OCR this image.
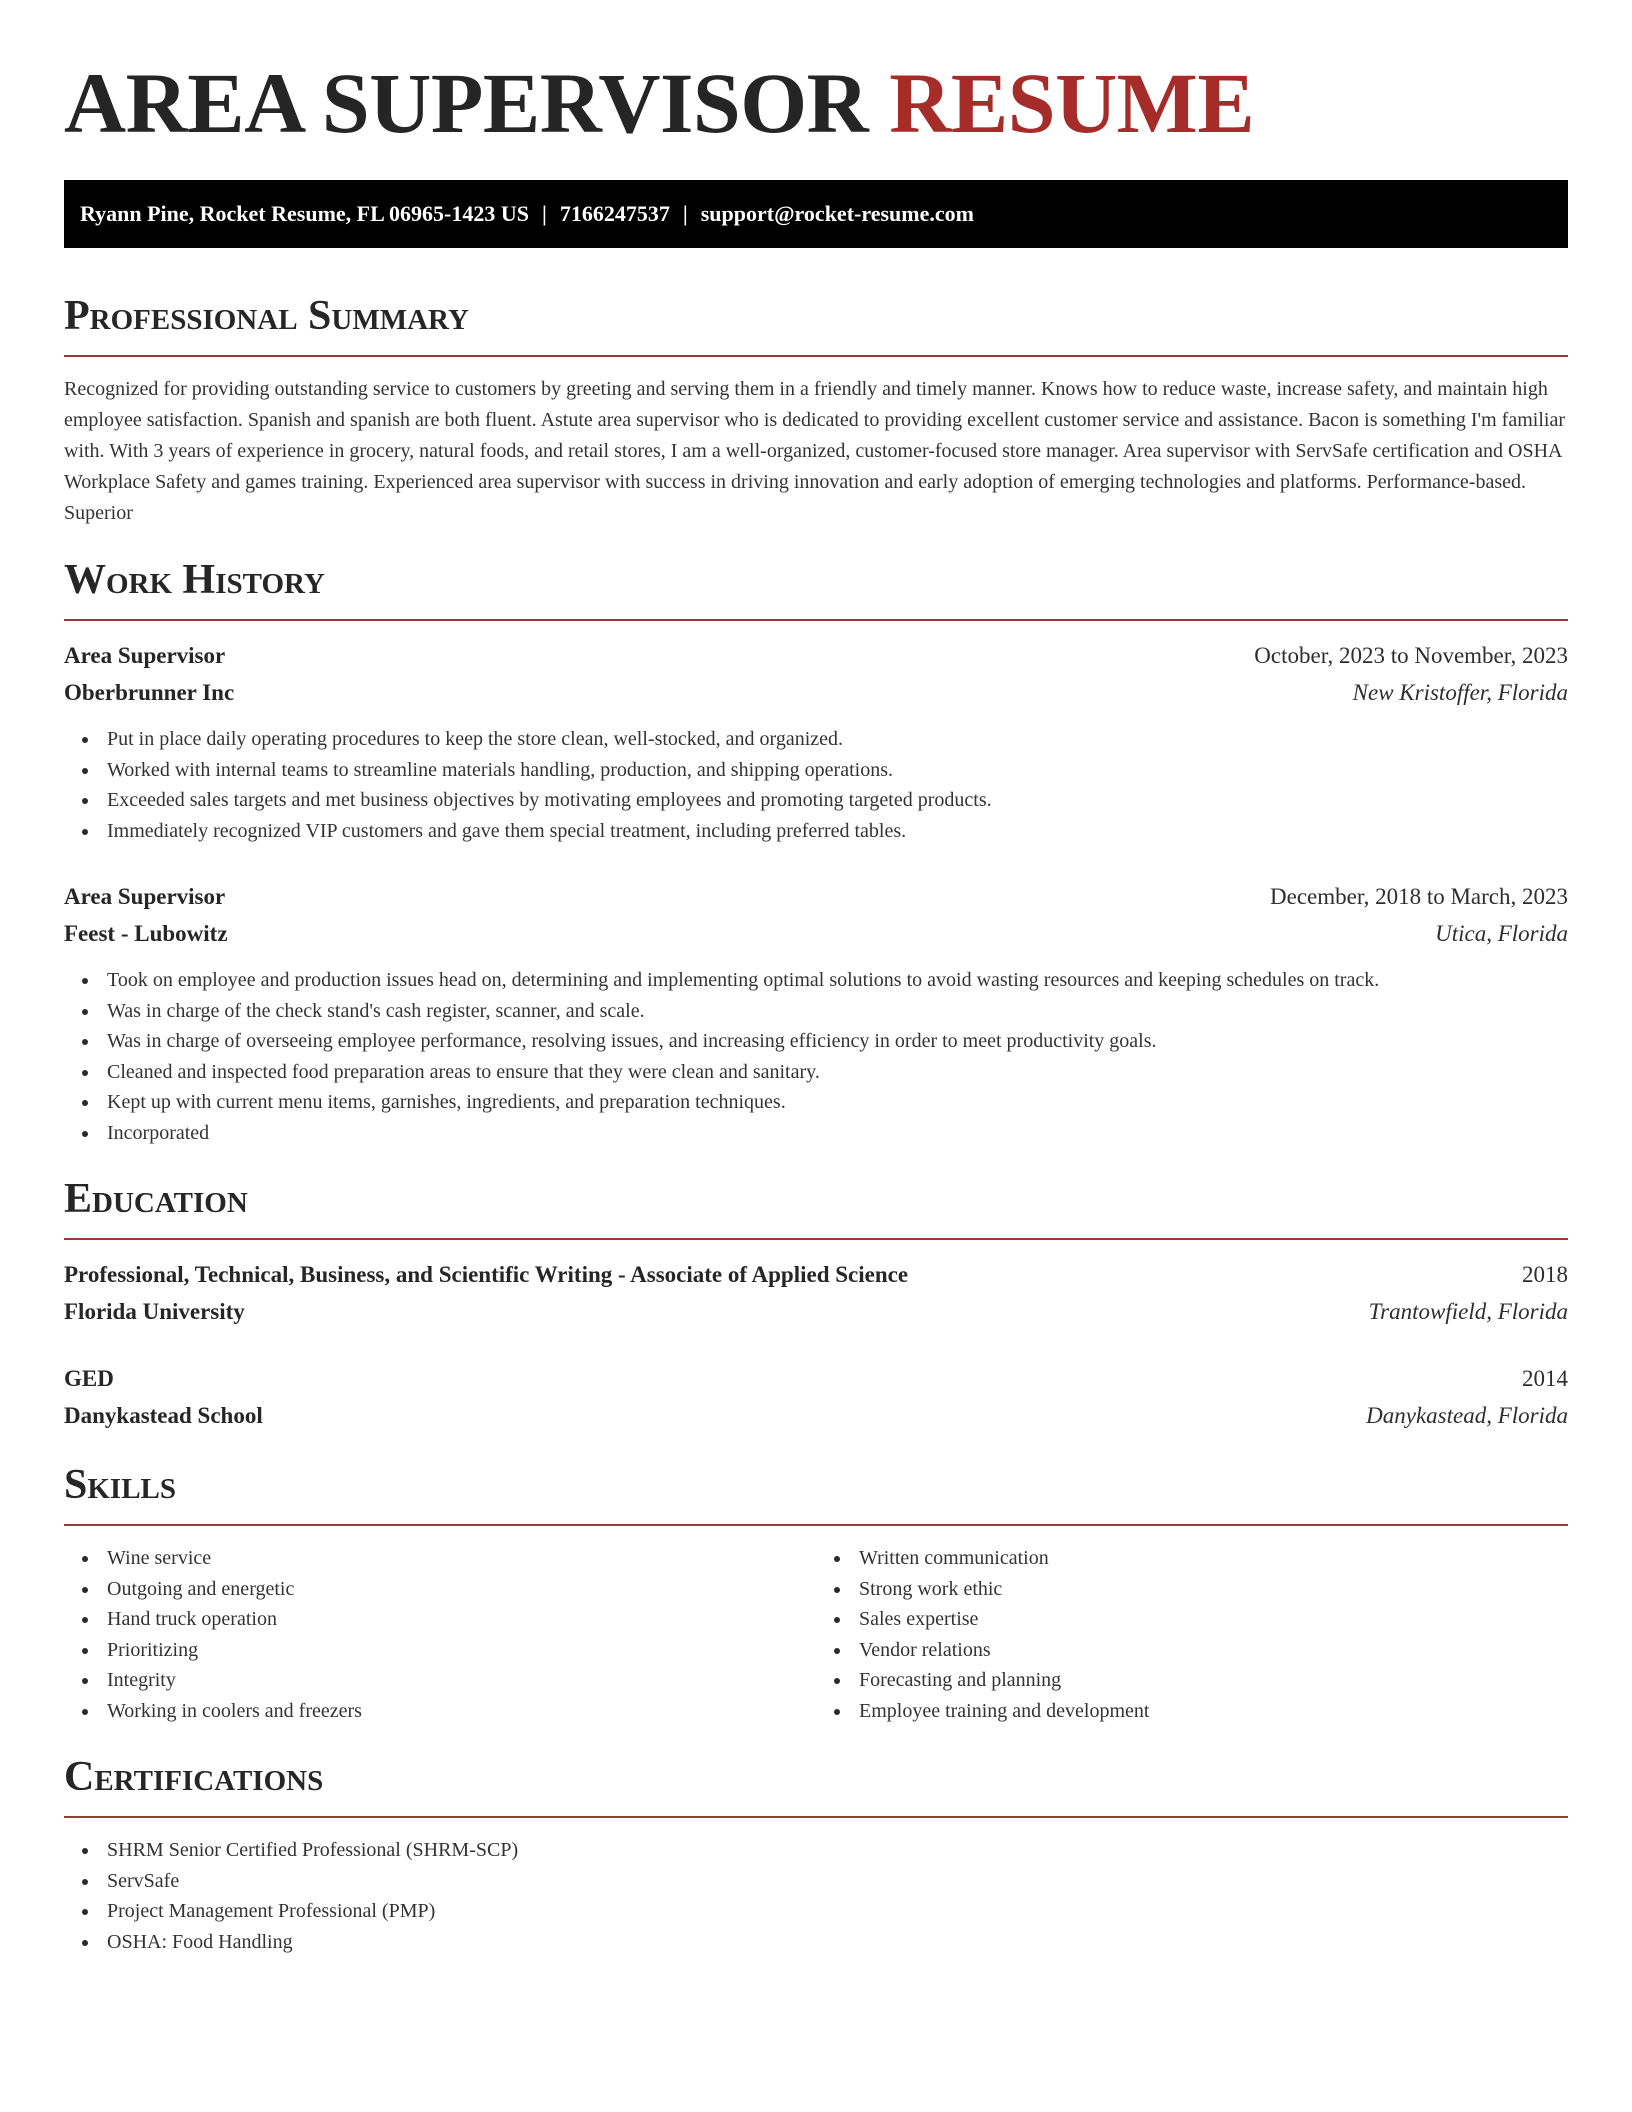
AREA SUPERVISOR RESUME
Ryann Pine, Rocket Resume, FL 06965-1423 US | 7166247537 | support@rocket-resume.com
Professional Summary

Recognized for providing outstanding service to customers by greeting and serving them in a friendly and timely manner. Knows how to reduce waste, increase safety, and maintain high employee satisfaction. Spanish and spanish are both fluent. Astute area supervisor who is dedicated to providing excellent customer service and assistance. Bacon is something I'm familiar with. With 3 years of experience in grocery, natural foods, and retail stores, I am a well-organized, customer-focused store manager. Area supervisor with ServSafe certification and OSHA Workplace Safety and games training. Experienced area supervisor with success in driving innovation and early adoption of emerging technologies and platforms. Performance-based. Superior

Work History
Area Supervisor	October, 2023 to November, 2023
Oberbrunner Inc	New Kristoffer, Florida
Put in place daily operating procedures to keep the store clean, well-stocked, and organized.
Worked with internal teams to streamline materials handling, production, and shipping operations.
Exceeded sales targets and met business objectives by motivating employees and promoting targeted products.
Immediately recognized VIP customers and gave them special treatment, including preferred tables.
Area Supervisor	December, 2018 to March, 2023
Feest - Lubowitz	Utica, Florida
Took on employee and production issues head on, determining and implementing optimal solutions to avoid wasting resources and keeping schedules on track.
Was in charge of the check stand's cash register, scanner, and scale.
Was in charge of overseeing employee performance, resolving issues, and increasing efficiency in order to meet productivity goals.
Cleaned and inspected food preparation areas to ensure that they were clean and sanitary.
Kept up with current menu items, garnishes, ingredients, and preparation techniques.
Incorporated
Education
Professional, Technical, Business, and Scientific Writing - Associate of Applied Science	2018
Florida University	Trantowfield, Florida
GED	2014
Danykastead School	Danykastead, Florida
Skills
Wine service
Outgoing and energetic
Hand truck operation
Prioritizing
Integrity
Working in coolers and freezers
Written communication
Strong work ethic
Sales expertise
Vendor relations
Forecasting and planning
Employee training and development
Certifications
SHRM Senior Certified Professional (SHRM-SCP)
ServSafe
Project Management Professional (PMP)
OSHA: Food Handling
